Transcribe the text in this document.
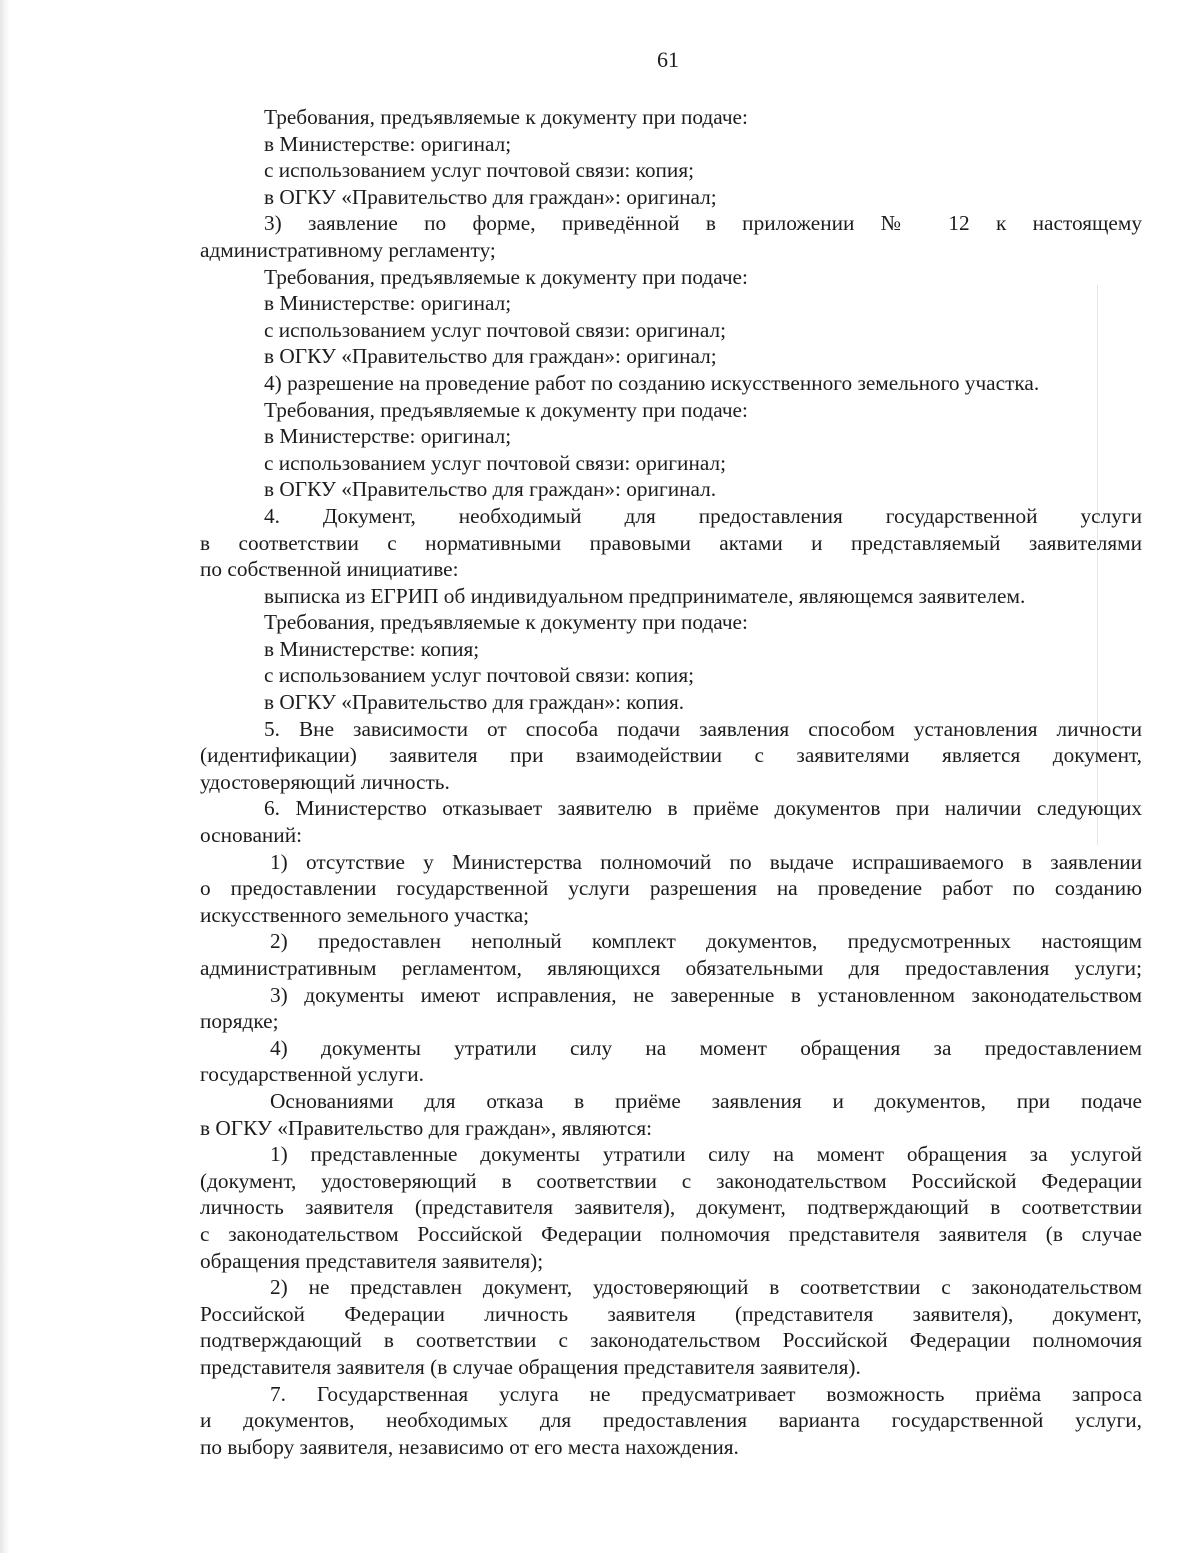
61
Требования, предъявляемые к документу при подаче:
в Министерстве: оригинал;
с использованием услуг почтовой связи: копия;
в ОГКУ «Правительство для граждан»: оригинал;
3) заявление по форме, приведённой в приложении № 12 к настоящему
административному регламенту;
Требования, предъявляемые к документу при подаче:
в Министерстве: оригинал;
с использованием услуг почтовой связи: оригинал;
в ОГКУ «Правительство для граждан»: оригинал;
4) разрешение на проведение работ по созданию искусственного земельного участка.
Требования, предъявляемые к документу при подаче:
в Министерстве: оригинал;
с использованием услуг почтовой связи: оригинал;
в ОГКУ «Правительство для граждан»: оригинал.
4. Документ, необходимый для предоставления государственной услуги
в соответствии с нормативными правовыми актами и представляемый заявителями
по собственной инициативе:
выписка из ЕГРИП об индивидуальном предпринимателе, являющемся заявителем.
Требования, предъявляемые к документу при подаче:
в Министерстве: копия;
с использованием услуг почтовой связи: копия;
в ОГКУ «Правительство для граждан»: копия.
5. Вне зависимости от способа подачи заявления способом установления личности
(идентификации) заявителя при взаимодействии с заявителями является документ,
удостоверяющий личность.
6. Министерство отказывает заявителю в приёме документов при наличии следующих
оснований:
1) отсутствие у Министерства полномочий по выдаче испрашиваемого в заявлении
о предоставлении государственной услуги разрешения на проведение работ по созданию
искусственного земельного участка;
2) предоставлен неполный комплект документов, предусмотренных настоящим
административным регламентом, являющихся обязательными для предоставления услуги;
3) документы имеют исправления, не заверенные в установленном законодательством
порядке;
4) документы утратили силу на момент обращения за предоставлением
государственной услуги.
Основаниями для отказа в приёме заявления и документов, при подаче
в ОГКУ «Правительство для граждан», являются:
1) представленные документы утратили силу на момент обращения за услугой
(документ, удостоверяющий в соответствии с законодательством Российской Федерации
личность заявителя (представителя заявителя), документ, подтверждающий в соответствии
с законодательством Российской Федерации полномочия представителя заявителя (в случае
обращения представителя заявителя);
2) не представлен документ, удостоверяющий в соответствии с законодательством
Российской Федерации личность заявителя (представителя заявителя), документ,
подтверждающий в соответствии с законодательством Российской Федерации полномочия
представителя заявителя (в случае обращения представителя заявителя).
7. Государственная услуга не предусматривает возможность приёма запроса
и документов, необходимых для предоставления варианта государственной услуги,
по выбору заявителя, независимо от его места нахождения.
